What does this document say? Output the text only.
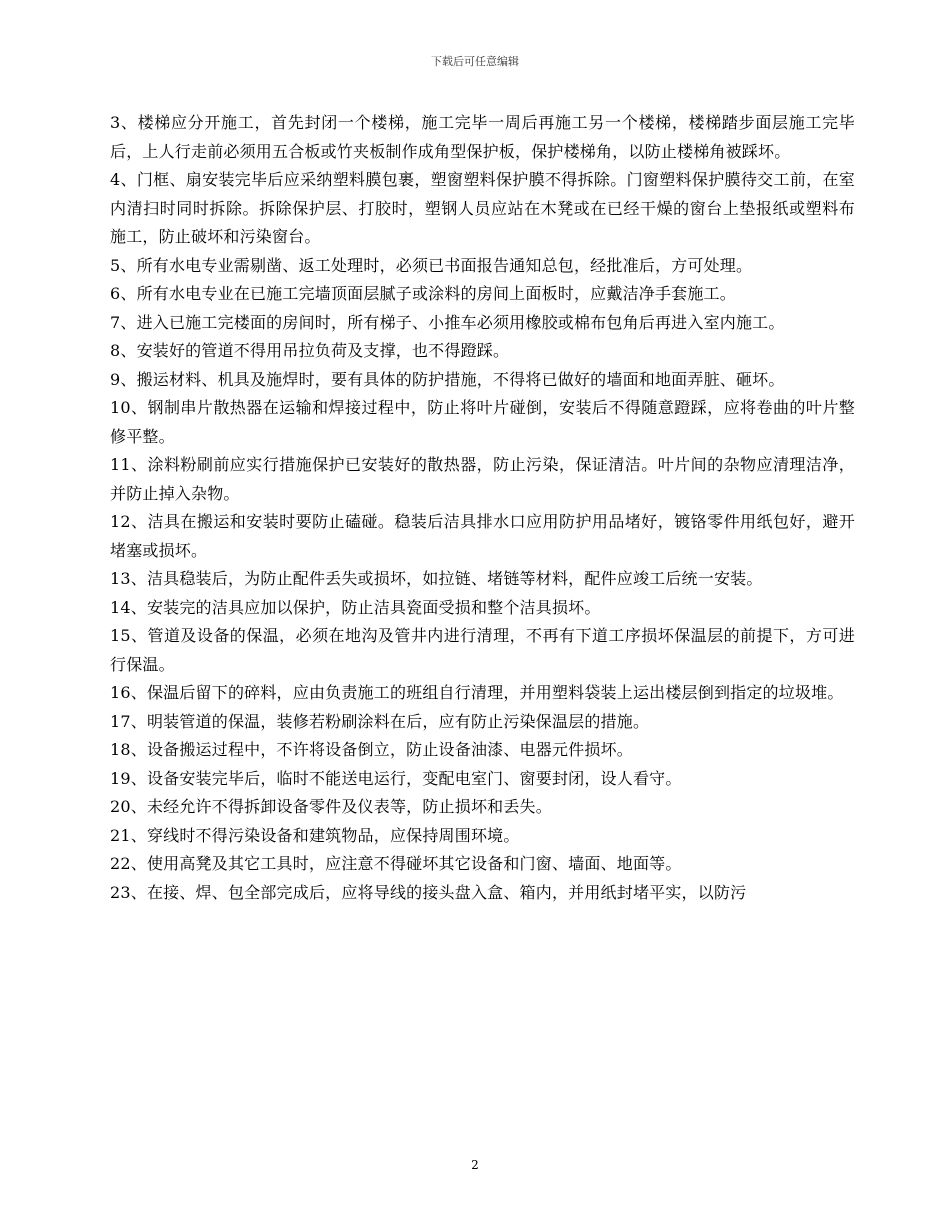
下载后可任意编辑

3、楼梯应分开施工，首先封闭一个楼梯，施工完毕一周后再施工另一个楼梯，楼梯踏步面层施工完毕后，上人行走前必须用五合板或竹夹板制作成角型保护板，保护楼梯角，以防止楼梯角被踩坏。

4、门框、扇安装完毕后应采纳塑料膜包裹，塑窗塑料保护膜不得拆除。门窗塑料保护膜待交工前，在室内清扫时同时拆除。拆除保护层、打胶时，塑钢人员应站在木凳或在已经干燥的窗台上垫报纸或塑料布施工，防止破坏和污染窗台。

5、所有水电专业需剔凿、返工处理时，必须已书面报告通知总包，经批准后，方可处理。

6、所有水电专业在已施工完墙顶面层腻子或涂料的房间上面板时，应戴洁净手套施工。

7、进入已施工完楼面的房间时，所有梯子、小推车必须用橡胶或棉布包角后再进入室内施工。

8、安装好的管道不得用吊拉负荷及支撑，也不得蹬踩。

9、搬运材料、机具及施焊时，要有具体的防护措施，不得将已做好的墙面和地面弄脏、砸坏。

10、钢制串片散热器在运输和焊接过程中，防止将叶片碰倒，安装后不得随意蹬踩，应将卷曲的叶片整修平整。

11、涂料粉刷前应实行措施保护已安装好的散热器，防止污染，保证清洁。叶片间的杂物应清理洁净，并防止掉入杂物。

12、洁具在搬运和安装时要防止磕碰。稳装后洁具排水口应用防护用品堵好，镀铬零件用纸包好，避开堵塞或损坏。

13、洁具稳装后，为防止配件丢失或损坏，如拉链、堵链等材料，配件应竣工后统一安装。

14、安装完的洁具应加以保护，防止洁具瓷面受损和整个洁具损坏。

15、管道及设备的保温，必须在地沟及管井内进行清理，不再有下道工序损坏保温层的前提下，方可进行保温。

16、保温后留下的碎料，应由负责施工的班组自行清理，并用塑料袋装上运出楼层倒到指定的垃圾堆。

17、明装管道的保温，装修若粉刷涂料在后，应有防止污染保温层的措施。

18、设备搬运过程中，不许将设备倒立，防止设备油漆、电器元件损坏。

19、设备安装完毕后，临时不能送电运行，变配电室门、窗要封闭，设人看守。

20、未经允许不得拆卸设备零件及仪表等，防止损坏和丢失。

21、穿线时不得污染设备和建筑物品，应保持周围环境。

22、使用高凳及其它工具时，应注意不得碰坏其它设备和门窗、墙面、地面等。

23、在接、焊、包全部完成后，应将导线的接头盘入盒、箱内，并用纸封堵平实，以防污

2
